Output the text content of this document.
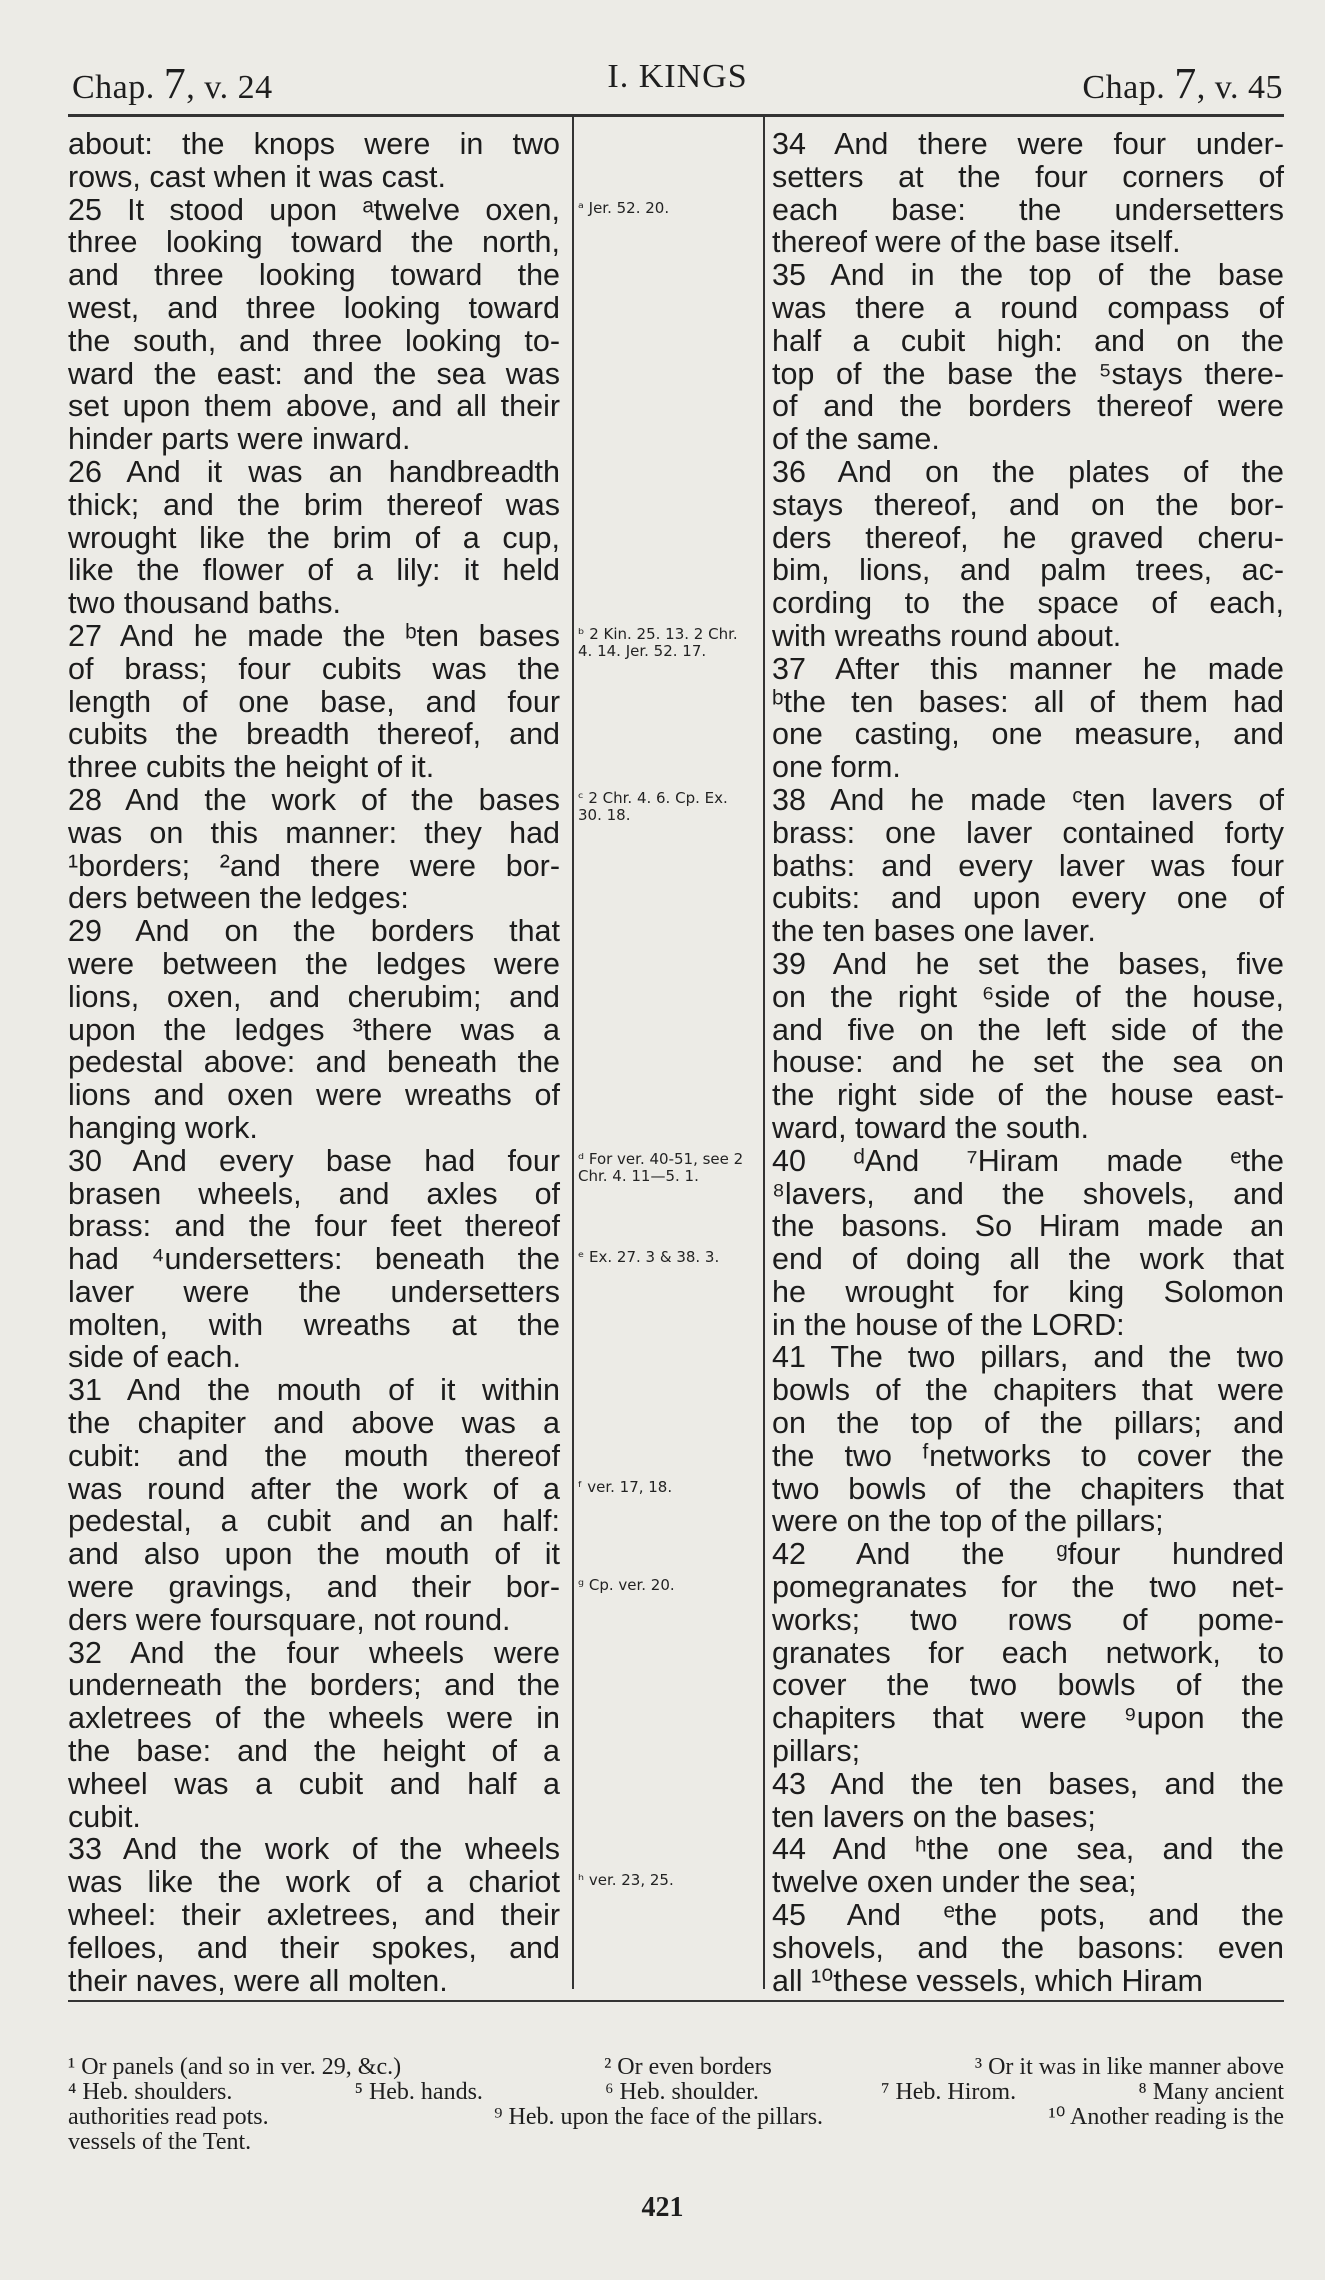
Chap. 7, v. 24	I. KINGS	Chap. 7, v. 45

about: the knops were in two

rows, cast when it was cast.

25 It stood upon ᵃtwelve oxen,

three looking toward the north,

and three looking toward the

west, and three looking toward

the south, and three looking to-

ward the east: and the sea was

set upon them above, and all their

hinder parts were inward.

26 And it was an handbreadth

thick; and the brim thereof was

wrought like the brim of a cup,

like the flower of a lily: it held

two thousand baths.

27 And he made the ᵇten bases

of brass; four cubits was the

length of one base, and four

cubits the breadth thereof, and

three cubits the height of it.

28 And the work of the bases

was on this manner: they had

¹borders; ²and there were bor-

ders between the ledges:

29 And on the borders that

were between the ledges were

lions, oxen, and cherubim; and

upon the ledges ³there was a

pedestal above: and beneath the

lions and oxen were wreaths of

hanging work.

30 And every base had four

brasen wheels, and axles of

brass: and the four feet thereof

had ⁴undersetters: beneath the

laver were the undersetters

molten, with wreaths at the

side of each.

31 And the mouth of it within

the chapiter and above was a

cubit: and the mouth thereof

was round after the work of a

pedestal, a cubit and an half:

and also upon the mouth of it

were gravings, and their bor-

ders were foursquare, not round.

32 And the four wheels were

underneath the borders; and the

axletrees of the wheels were in

the base: and the height of a

wheel was a cubit and half a

cubit.

33 And the work of the wheels

was like the work of a chariot

wheel: their axletrees, and their

felloes, and their spokes, and

their naves, were all molten.

ᵃ Jer. 52. 20.
ᵇ 2 Kin. 25. 13. 2 Chr. 4. 14. Jer. 52. 17.
ᶜ 2 Chr. 4. 6. Cp. Ex. 30. 18.
ᵈ For ver. 40-51, see 2 Chr. 4. 11—5. 1.
ᵉ Ex. 27. 3 & 38. 3.
ᶠ ver. 17, 18.
ᵍ Cp. ver. 20.
ʰ ver. 23, 25.

34 And there were four under-

setters at the four corners of

each base: the undersetters

thereof were of the base itself.

35 And in the top of the base

was there a round compass of

half a cubit high: and on the

top of the base the ⁵stays there-

of and the borders thereof were

of the same.

36 And on the plates of the

stays thereof, and on the bor-

ders thereof, he graved cheru-

bim, lions, and palm trees, ac-

cording to the space of each,

with wreaths round about.

37 After this manner he made

ᵇthe ten bases: all of them had

one casting, one measure, and

one form.

38 And he made ᶜten lavers of

brass: one laver contained forty

baths: and every laver was four

cubits: and upon every one of

the ten bases one laver.

39 And he set the bases, five

on the right ⁶side of the house,

and five on the left side of the

house: and he set the sea on

the right side of the house east-

ward, toward the south.

40 ᵈAnd ⁷Hiram made ᵉthe

⁸lavers, and the shovels, and

the basons. So Hiram made an

end of doing all the work that

he wrought for king Solomon

in the house of the LORD:

41 The two pillars, and the two

bowls of the chapiters that were

on the top of the pillars; and

the two ᶠnetworks to cover the

two bowls of the chapiters that

were on the top of the pillars;

42 And the ᵍfour hundred

pomegranates for the two net-

works; two rows of pome-

granates for each network, to

cover the two bowls of the

chapiters that were ⁹upon the

pillars;

43 And the ten bases, and the

ten lavers on the bases;

44 And ʰthe one sea, and the

twelve oxen under the sea;

45 And ᵉthe pots, and the

shovels, and the basons: even

all ¹⁰these vessels, which Hiram

¹ Or panels (and so in ver. 29, &c.)	² Or even borders	³ Or it was in like manner above
⁴ Heb. shoulders.	⁵ Heb. hands.	⁶ Heb. shoulder.	⁷ Heb. Hirom.	⁸ Many ancient
authorities read pots.	⁹ Heb. upon the face of the pillars.	¹⁰ Another reading is the
vessels of the Tent.
421
